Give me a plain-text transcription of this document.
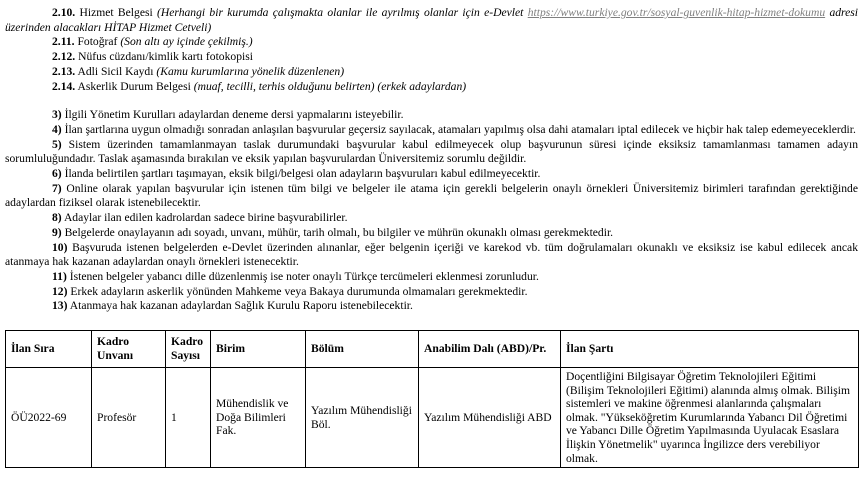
2.10. Hizmet Belgesi (Herhangi bir kurumda çalışmakta olanlar ile ayrılmış olanlar için e-Devlet https://www.turkiye.gov.tr/sosyal-guvenlik-hitap-hizmet-dokumu adresi üzerinden alacakları HİTAP Hizmet Cetveli)

2.11. Fotoğraf (Son altı ay içinde çekilmiş.)

2.12. Nüfus cüzdanı/kimlik kartı fotokopisi

2.13. Adli Sicil Kaydı (Kamu kurumlarına yönelik düzenlenen)

2.14. Askerlik Durum Belgesi (muaf, tecilli, terhis olduğunu belirten) (erkek adaylardan)

3) İlgili Yönetim Kurulları adaylardan deneme dersi yapmalarını isteyebilir.

4) İlan şartlarına uygun olmadığı sonradan anlaşılan başvurular geçersiz sayılacak, atamaları yapılmış olsa dahi atamaları iptal edilecek ve hiçbir hak talep edemeyeceklerdir.

5) Sistem üzerinden tamamlanmayan taslak durumundaki başvurular kabul edilmeyecek olup başvurunun süresi içinde eksiksiz tamamlanması tamamen adayın sorumluluğundadır. Taslak aşamasında bırakılan ve eksik yapılan başvurulardan Üniversitemiz sorumlu değildir.

6) İlanda belirtilen şartları taşımayan, eksik bilgi/belgesi olan adayların başvuruları kabul edilmeyecektir.

7) Online olarak yapılan başvurular için istenen tüm bilgi ve belgeler ile atama için gerekli belgelerin onaylı örnekleri Üniversitemiz birimleri tarafından gerektiğinde adaylardan fiziksel olarak istenebilecektir.

8) Adaylar ilan edilen kadrolardan sadece birine başvurabilirler.

9) Belgelerde onaylayanın adı soyadı, unvanı, mühür, tarih olmalı, bu bilgiler ve mührün okunaklı olması gerekmektedir.

10) Başvuruda istenen belgelerden e-Devlet üzerinden alınanlar, eğer belgenin içeriği ve karekod vb. tüm doğrulamaları okunaklı ve eksiksiz ise kabul edilecek ancak atanmaya hak kazanan adaylardan onaylı örnekleri istenecektir.

11) İstenen belgeler yabancı dille düzenlenmiş ise noter onaylı Türkçe tercümeleri eklenmesi zorunludur.

12) Erkek adayların askerlik yönünden Mahkeme veya Bakaya durumunda olmamaları gerekmektedir.

13) Atanmaya hak kazanan adaylardan Sağlık Kurulu Raporu istenebilecektir.

İlan Sıra	Kadro Unvanı	Kadro Sayısı	Birim	Bölüm	Anabilim Dalı (ABD)/Pr.	İlan Şartı
ÖÜ2022-69	Profesör	1	Mühendislik ve Doğa Bilimleri Fak.	Yazılım Mühendisliği Böl.	Yazılım Mühendisliği ABD	Doçentliğini Bilgisayar Öğretim Teknolojileri Eğitimi (Bilişim Teknolojileri Eğitimi) alanında almış olmak. Bilişim sistemleri ve makine öğrenmesi alanlarında çalışmaları olmak. "Yükseköğretim Kurumlarında Yabancı Dil Öğretimi ve Yabancı Dille Öğretim Yapılmasında Uyulacak Esaslara İlişkin Yönetmelik" uyarınca İngilizce ders verebiliyor olmak.
